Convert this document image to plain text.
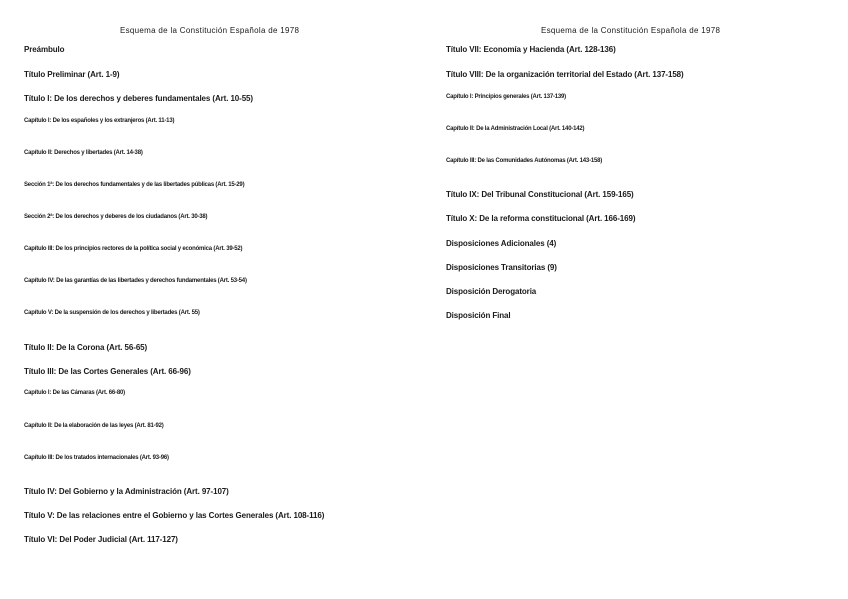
Esquema de la Constitución Española de 1978

Preámbulo

Título Preliminar (Art. 1-9)

Título I: De los derechos y deberes fundamentales (Art. 10-55)

Capítulo I: De los españoles y los extranjeros (Art. 11-13)

Capítulo II: Derechos y libertades (Art. 14-38)

Sección 1ª: De los derechos fundamentales y de las libertades públicas (Art. 15-29)

Sección 2ª: De los derechos y deberes de los ciudadanos (Art. 30-38)

Capítulo III: De los principios rectores de la política social y económica (Art. 39-52)

Capítulo IV: De las garantías de las libertades y derechos fundamentales (Art. 53-54)

Capítulo V: De la suspensión de los derechos y libertades (Art. 55)

Título II: De la Corona (Art. 56-65)

Título III: De las Cortes Generales (Art. 66-96)

Capítulo I: De las Cámaras (Art. 66-80)

Capítulo II: De la elaboración de las leyes (Art. 81-92)

Capítulo III: De los tratados internacionales (Art. 93-96)

Título IV: Del Gobierno y la Administración (Art. 97-107)

Título V: De las relaciones entre el Gobierno y las Cortes Generales (Art. 108-116)

Título VI: Del Poder Judicial (Art. 117-127)

Esquema de la Constitución Española de 1978

Título VII: Economía y Hacienda (Art. 128-136)

Título VIII: De la organización territorial del Estado (Art. 137-158)

Capítulo I: Principios generales (Art. 137-139)

Capítulo II: De la Administración Local (Art. 140-142)

Capítulo III: De las Comunidades Autónomas (Art. 143-158)

Título IX: Del Tribunal Constitucional (Art. 159-165)

Título X: De la reforma constitucional (Art. 166-169)

Disposiciones Adicionales (4)

Disposiciones Transitorias (9)

Disposición Derogatoria

Disposición Final
